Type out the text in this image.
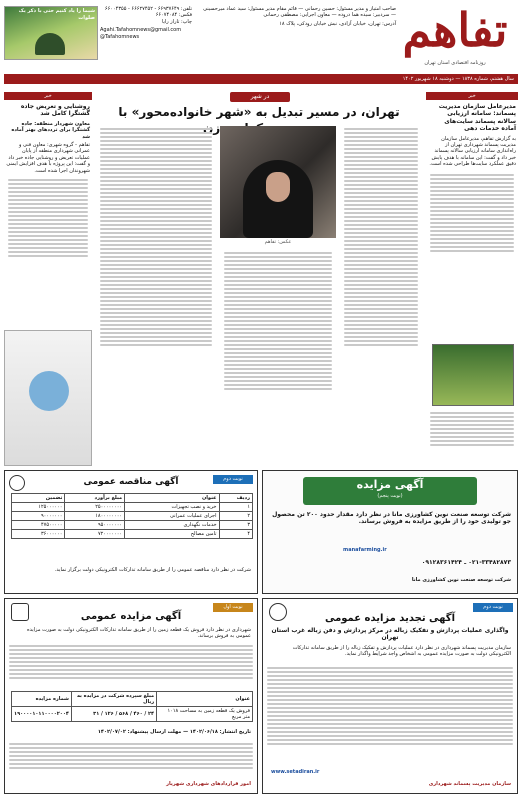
شیما را یاد کنیم حتی با ذکر یک صلوات
تلفن: ۶۶۹۳۷۶۴۹ - ۶۶۶۲۷۴۵۲ - ۶۶۰۰۴۳۵۵
فکس: ۶۶۰۷۴۰۸۴
چاپ: تاراز رایا
Agahi.Tafahomnews@gmail.com
@Tafahomnews
صاحب امتیاز و مدیر مسئول: حسین رحمانی — قائم مقام مدیر مسئول: سید عماد میرحسینی — سردبیر: سیده هما دروده — معاون اجرایی: مصطفی رحمانی
آدرس: تهران، خیابان آزادی، نبش خیابان رودکی، پلاک ۱۸ تفاهم
روزنامه اقتصادی استان تهران
سال هشتم، شماره ۱۸۳۸ — دوشنبه ۱۸ شهریور ۱۴۰۲
در شهر
تهران، در مسیر تبدیل به «شهر خانواده‌محور» با
خبر
مدیرعامل سازمان مدیریت پسماند: سامانه ارزیابی سالانه پسماند سایت‌های آماده خدمات دهی
به گزارش تفاهم، مدیرعامل سازمان مدیریت پسماند شهرداری تهران از راه‌اندازی سامانه ارزیابی سالانه پسماند خبر داد و گفت: این سامانه با هدف پایش دقیق عملکرد سایت‌ها طراحی شده است.
عکس: تفاهم
خبر
روشنایی و تعریض جاده گشتگرا کامل شد
معاون شهردار منطقه: جاده گشتگرا برای ترددهای بهتر آماده شد
تفاهم - گروه شهری: معاون فنی و عمرانی شهرداری منطقه از پایان عملیات تعریض و روشنایی جاده خبر داد و گفت: این پروژه با هدف افزایش ایمنی شهروندان اجرا شده است.
آگهی مزایده
(نوبت پنجم)
شرکت توسعه صنعت نوین کشاورزی مانا در نظر دارد مقدار حدود ۲۰۰ تن محصول جو تولیدی خود را از طریق مزایده به فروش برساند.
manafarming.ir
۰۲۱-۳۳۴۸۲۸۷۳ ـ ۰۹۱۲۸۳۶۱۴۲۴
شرکت توسعه صنعت نوین کشاورزی مانا
نوبت دوم
آگهی مناقصه عمومی
ردیف	عنوان	مبلغ برآورد	تضمین
۱	خرید و نصب تجهیزات	۲۵۰۰۰۰۰۰۰۰	۱۲۵۰۰۰۰۰۰
۲	اجرای عملیات عمرانی	۱۸۰۰۰۰۰۰۰۰	۹۰۰۰۰۰۰۰
۳	خدمات نگهداری	۹۵۰۰۰۰۰۰۰	۴۷۵۰۰۰۰۰
۴	تامین مصالح	۷۲۰۰۰۰۰۰۰	۳۶۰۰۰۰۰۰
شرکت در نظر دارد مناقصه عمومی را از طریق سامانه تدارکات الکترونیکی دولت برگزار نماید.
نوبت دوم
آگهی تجدید مزایده عمومی
واگذاری عملیات پردازش و تفکیک زباله در مرکز پردازش و دفن زباله غرب استان تهران
سازمان مدیریت پسماند شهرداری در نظر دارد عملیات پردازش و تفکیک زباله را از طریق سامانه تدارکات الکترونیکی دولت به صورت مزایده عمومی به اشخاص واجد شرایط واگذار نماید.
www.setadiran.ir
سازمان مدیریت پسماند شهرداری
نوبت اول
آگهی مزایده عمومی
شهرداری در نظر دارد فروش یک قطعه زمین را از طریق سامانه تدارکات الکترونیکی دولت به صورت مزایده عمومی به فروش برساند.
عنوان	مبلغ سپرده شرکت در مزایده به ریال	شماره مزایده
فروش یک قطعه زمین به مساحت ۱۰۱۸ متر مربع	۲۴ / ۴۶۰ / ۵۶۸ / ۱۲۶ / ۳۱	۱۹۰۰۰۰۱۰۱۱۰۰۰۰۲۰۰۴
تاریخ انتشار: ۱۴۰۲/۰۶/۱۸ — مهلت ارسال پیشنهاد: ۱۴۰۲/۰۷/۰۲
امور قراردادهای شهرداری شهریار
